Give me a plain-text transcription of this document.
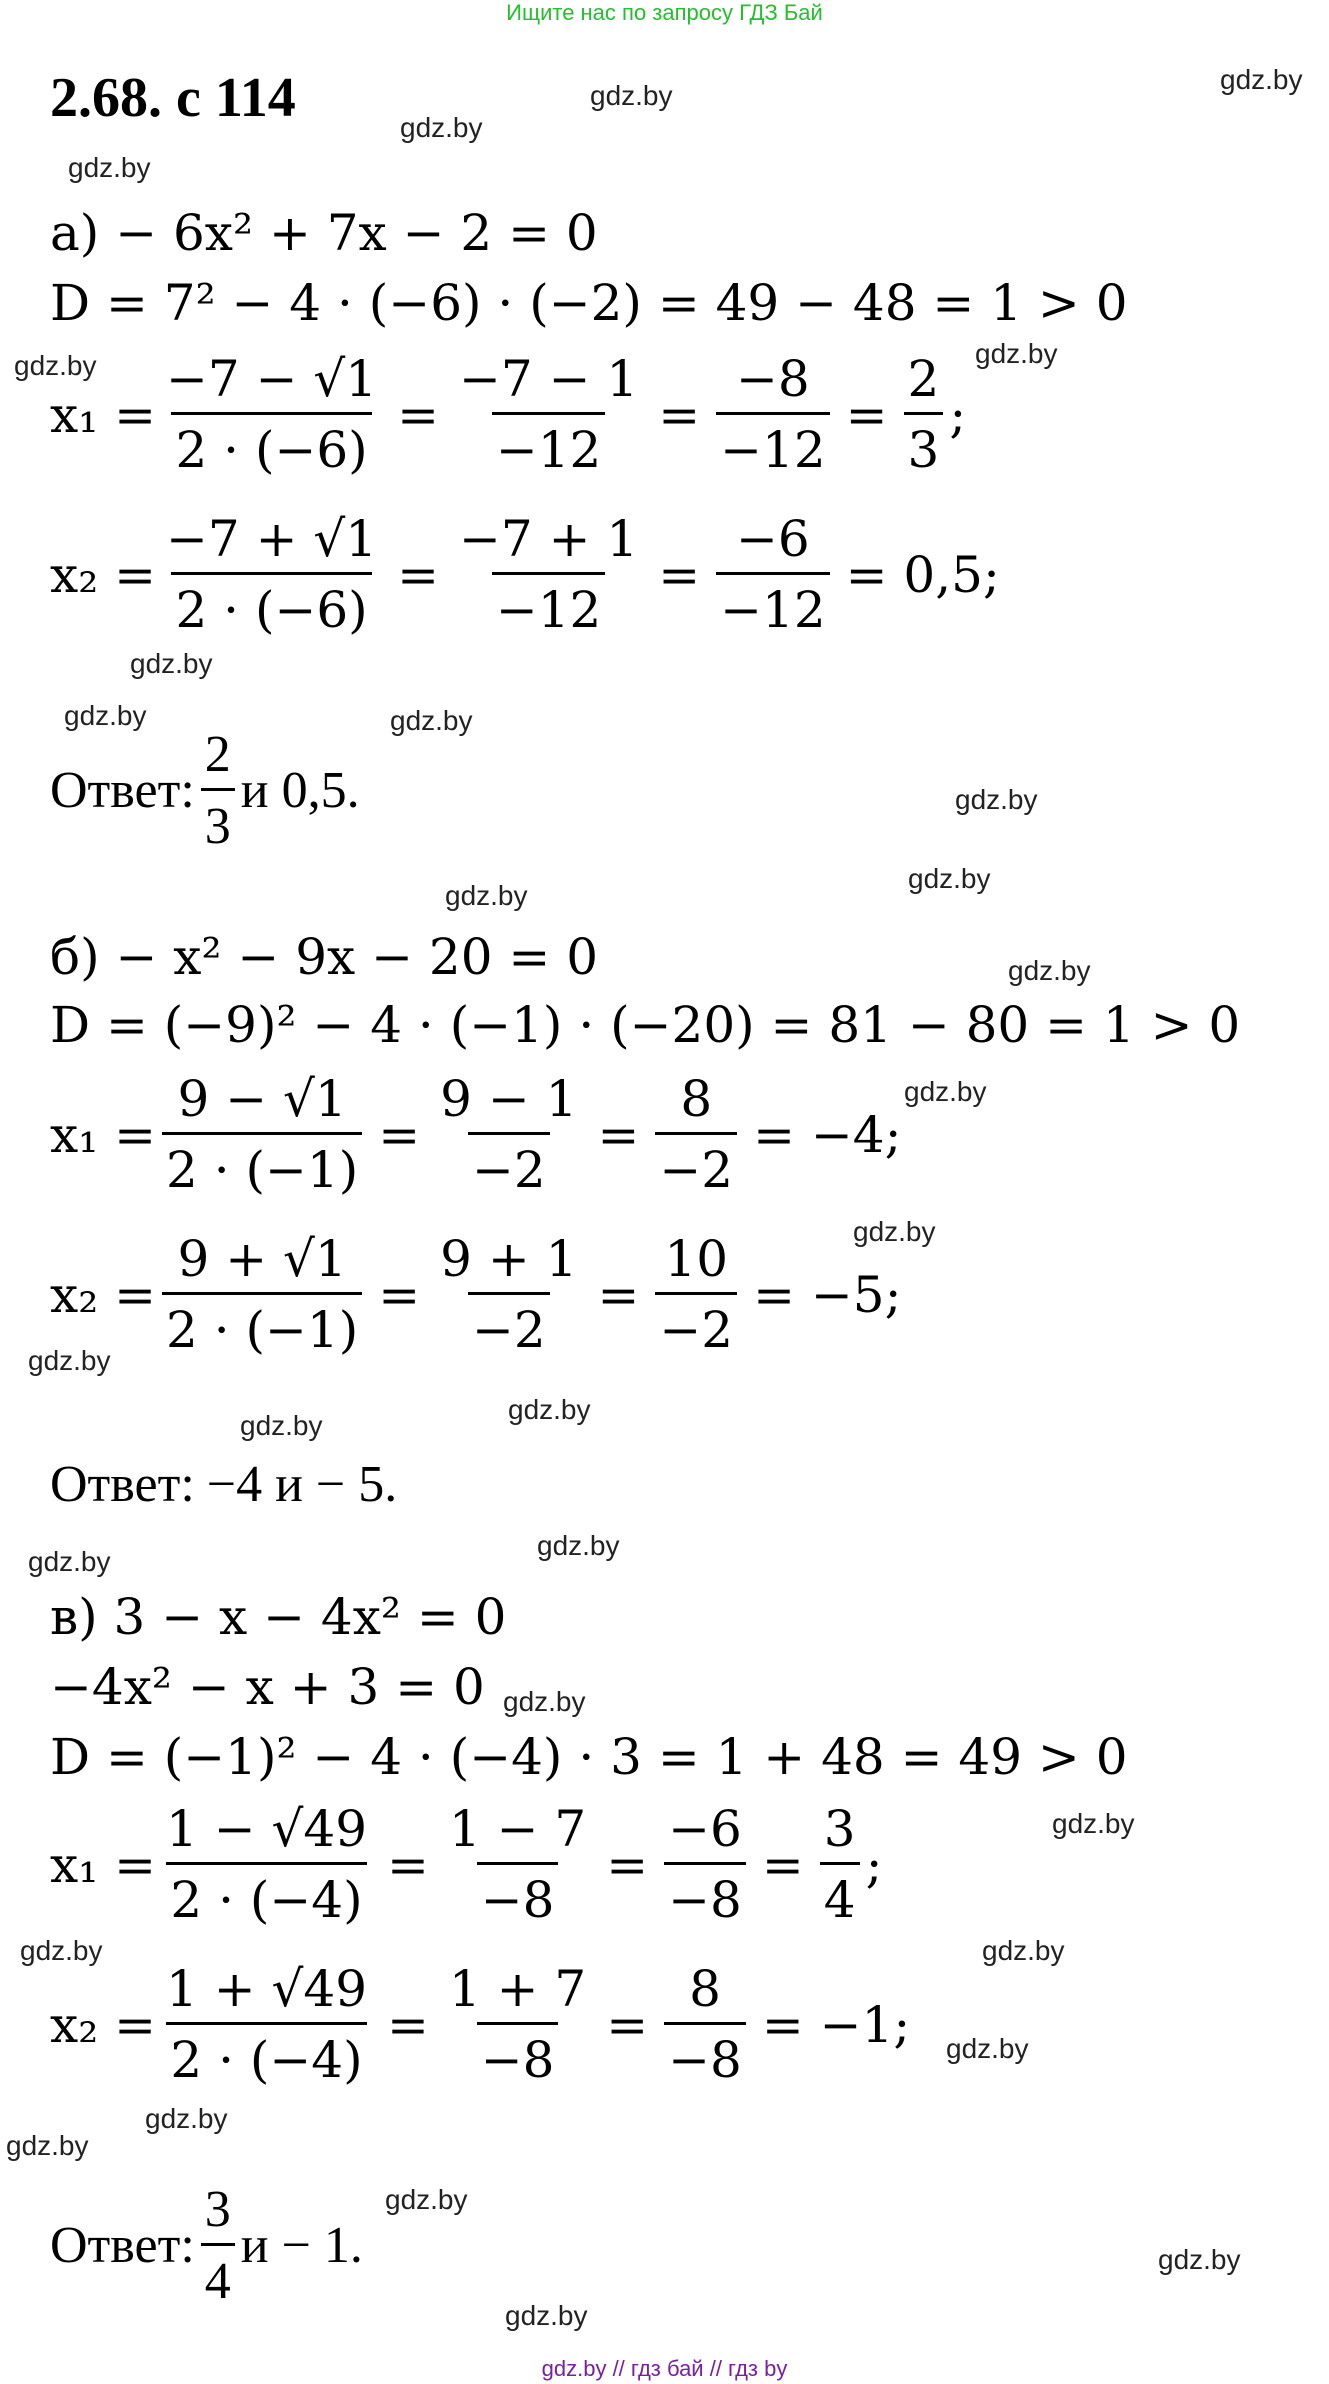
Ищите нас по запросу ГДЗ Бай
2.68. с 114	gdz.by
gdz.by
gdz.by
gdz.by
gdz.by	gdz.by
gdz.by
gdz.by	gdz.by
gdz.by
gdz.by
gdz.by
gdz.by
gdz.by
gdz.by
gdz.by
gdz.by
gdz.by
gdz.by
gdz.by
gdz.by
gdz.by
gdz.by	gdz.by
gdz.by
gdz.by
gdz.by
gdz.by
gdz.by
gdz.by
а) − 6x² + 7x − 2 = 0
D = 7² − 4 · (−6) · (−2) = 49 − 48 = 1 > 0
$x_1 = \frac{-7 - √1}{2 \cdot (-6)} = \frac{-7 - 1}{-12} = \frac{-8}{-12} = \frac{2}{3}$ ;
$x_2 = \frac{-7 + √1}{2 \cdot (-6)} = \frac{-7 + 1}{-12} = \frac{-6}{-12} = 0,5$;
Ответ: $\frac{2}{3}$ и 0,5.
б) − x² − 9x − 20 = 0
D = (−9)² − 4 · (−1) · (−20) = 81 − 80 = 1 > 0
$x_1 = \frac{9 - √1}{2 \cdot (-1)} = \frac{9 - 1}{-2} = \frac{8}{-2} = -4$;
$x_2 = \frac{9 + √1}{2 \cdot (-1)} = \frac{9 + 1}{-2} = \frac{10}{-2} = -5$;
Ответ: −4 и − 5.
в) 3 − x − 4x² = 0
−4x² − x + 3 = 0
D = (−1)² − 4 · (−4) · 3 = 1 + 48 = 49 > 0
$x_1 = \frac{1 - √49}{2 \cdot (-4)} = \frac{1 - 7}{-8} = \frac{-6}{-8} = \frac{3}{4}$ ;
$x_2 = \frac{1 + √49}{2 \cdot (-4)} = \frac{1 + 7}{-8} = \frac{8}{-8} = -1$;
Ответ: $\frac{3}{4}$ и − 1.
gdz.by // гдз бай // гдз by
